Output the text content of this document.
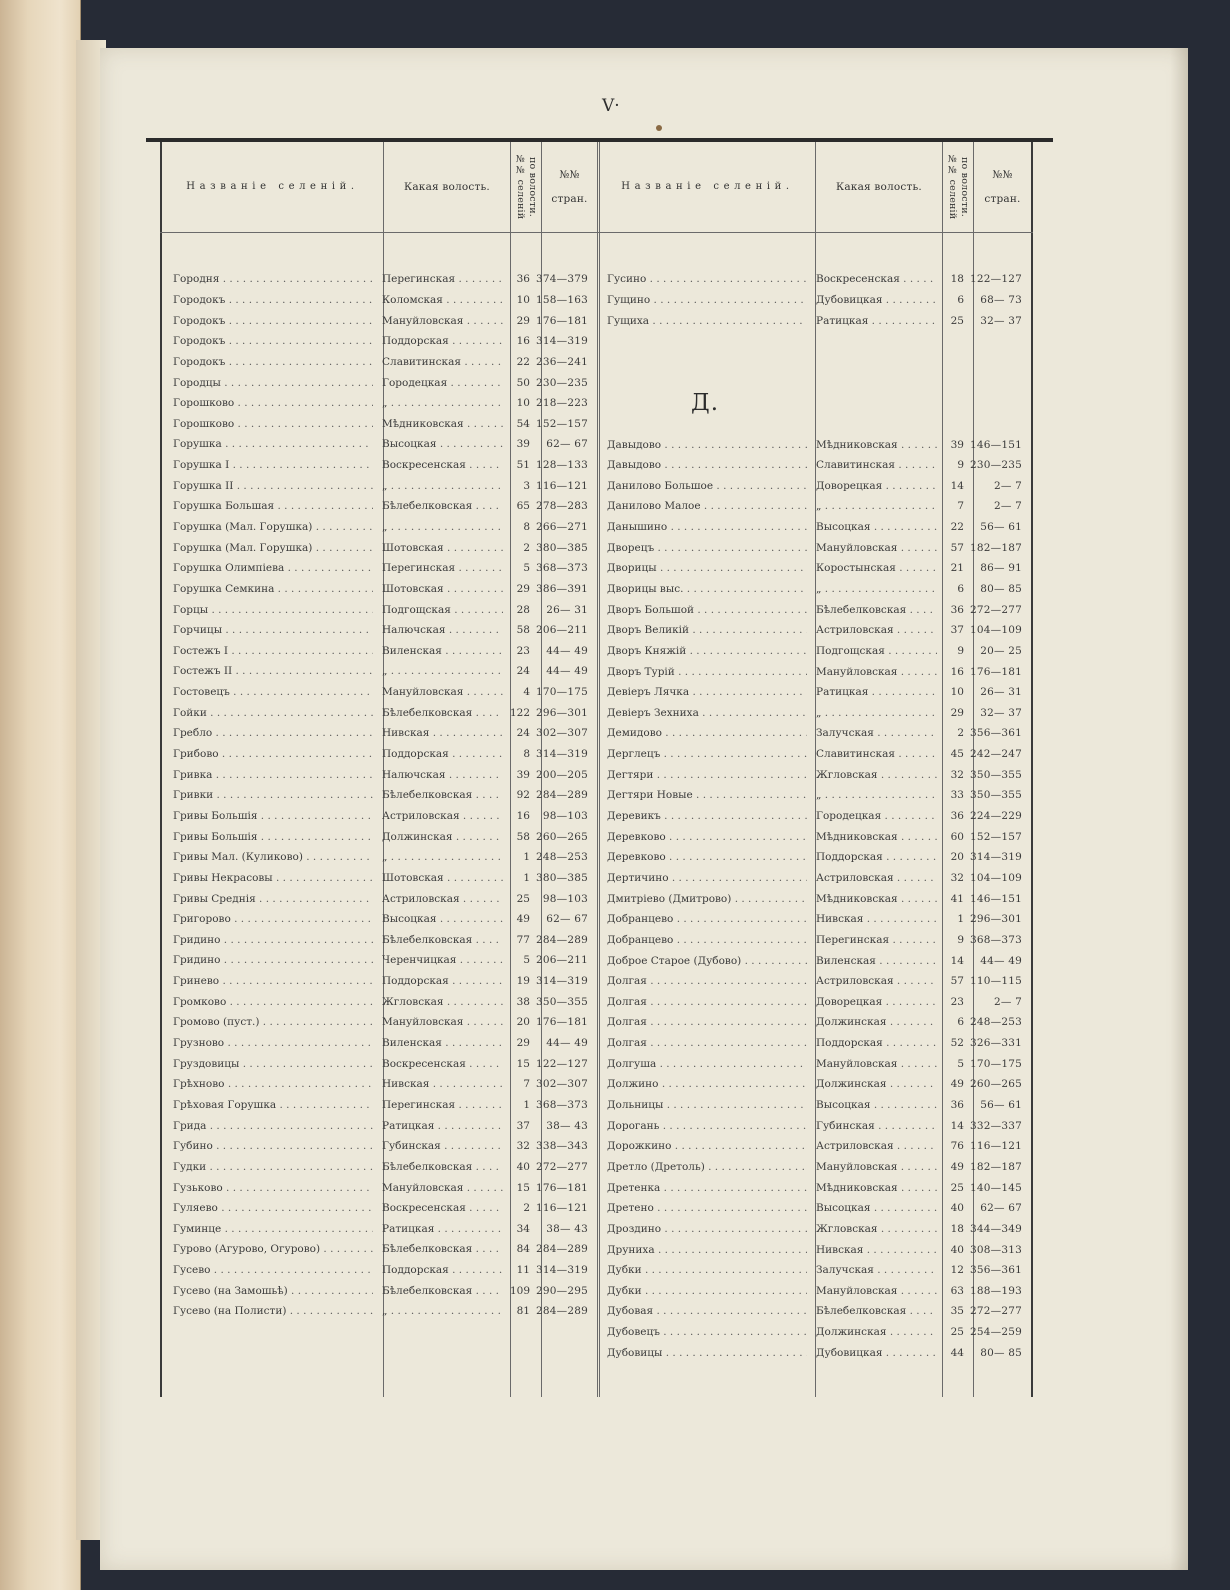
V·
Названіе селеній.	Какая волость.	№№ селеній по волости. №№
стран.
Названіе селеній.	Какая волость.	№№ селеній по волости. №№
стран.
Городня . . .	Перегинская . . .	36 374—379
Городокъ . . .	Коломская . . .	10 158—163
Городокъ . . .	Мануйловская . . .	29 176—181
Городокъ . . .	Поддорская . . .	16 314—319
Городокъ . . .	Славитинская . . .	22 236—241
Городцы . . .	Городецкая . . .	50 230—235
Горошково . . .	„ . . .	10 218—223
Горошково . . .	Мѣдниковская . . .	54 152—157
Горушка . . .	Высоцкая . . .	39	62— 67
Горушка I . . .	Воскресенская . . .	51 128—133
Горушка II . . .	„ . . .	3 116—121
Горушка Большая . . .	Бѣлебелковская . . .	65 278—283
Горушка (Мал. Горушка) . . .	„ . . .	8 266—271
Горушка (Мал. Горушка) . . .	Шотовская . . .	2 380—385
Горушка Олимпіева . . .	Перегинская . . .	5 368—373
Горушка Семкина . . .	Шотовская . . .	29 386—391
Горцы . . .	Подгощская . . .	28	26— 31
Горчицы . . .	Налючская . . .	58 206—211
Гостежъ I . . .	Виленская . . .	23	44— 49
Гостежъ II . . .	„ . . .	24	44— 49
Гостовецъ . . .	Мануйловская . . .	4 170—175
Гойки . . .	Бѣлебелковская . . .	122 296—301
Гребло . . .	Нивская . . .	24 302—307
Грибово . . .	Поддорская . . .	8 314—319
Гривка . . .	Налючская . . .	39 200—205
Гривки . . .	Бѣлебелковская . . .	92 284—289
Гривы Большія . . .	Астриловская . . .	16	98—103
Гривы Большія . . .	Должинская . . .	58 260—265
Гривы Мал. (Куликово) . . .	„ . . .	1 248—253
Гривы Некрасовы . . .	Шотовская . . .	1 380—385
Гривы Среднія . . .	Астриловская . . .	25	98—103
Григорово . . .	Высоцкая . . .	49	62— 67
Гридино . . .	Бѣлебелковская . . .	77 284—289
Гридино . . .	Черенчицкая . . .	5 206—211
Гринево . . .	Поддорская . . .	19 314—319
Громково . . .	Жгловская . . .	38 350—355
Громово (пуст.) . . .	Мануйловская . . .	20 176—181
Грузново . . .	Виленская . . .	29	44— 49
Груздовицы . . .	Воскресенская . . .	15 122—127
Грѣхново . . .	Нивская . . .	7 302—307
Грѣховая Горушка . . .	Перегинская . . .	1 368—373
Грида . . .	Ратицкая . . .	37	38— 43
Губино . . .	Губинская . . .	32 338—343
Гудки . . .	Бѣлебелковская . . .	40 272—277
Гузьково . . .	Мануйловская . . .	15 176—181
Гуляево . . .	Воскресенская . . .	2 116—121
Гуминце . . .	Ратицкая . . .	34	38— 43
Гурово (Агурово, Огурово) . . .	Бѣлебелковская . . .	84 284—289
Гусево . . .	Поддорская . . .	11 314—319
Гусево (на Замошьѣ) . . .	Бѣлебелковская . . .	109 290—295
Гусево (на Полисти) . . .	„ . . .	81 284—289
Гусино . . .	Воскресенская . . .	18 122—127
Гущино . . .	Дубовицкая . . .	6	68— 73
Гущиха . . .	Ратицкая . . .	25	32— 37
Д.
Давыдово . . .	Мѣдниковская . . .	39 146—151
Давыдово . . .	Славитинская . . .	9 230—235
Данилово Большое . . .	Доворецкая . . .	14	2— 7
Данилово Малое . . .	„ . . .	7	2— 7
Данышино . . .	Высоцкая . . .	22	56— 61
Дворецъ . . .	Мануйловская . . .	57 182—187
Дворицы . . .	Коростынская . . .	21	86— 91
Дворицы выс. . . .	„ . . .	6	80— 85
Дворъ Большой . . .	Бѣлебелковская . . .	36 272—277
Дворъ Великій . . .	Астриловская . . .	37 104—109
Дворъ Княжій . . .	Подгощская . . .	9	20— 25
Дворъ Турій . . .	Мануйловская . . .	16 176—181
Девіеръ Лячка . . .	Ратицкая . . .	10	26— 31
Девіеръ Зехниха . . .	„ . . .	29	32— 37
Демидово . . .	Залучская . . .	2 356—361
Дерглецъ . . .	Славитинская . . .	45 242—247
Дегтяри . . .	Жгловская . . .	32 350—355
Дегтяри Новые . . .	„ . . .	33 350—355
Деревикъ . . .	Городецкая . . .	36 224—229
Деревково . . .	Мѣдниковская . . .	60 152—157
Деревково . . .	Поддорская . . .	20 314—319
Дертичино . . .	Астриловская . . .	32 104—109
Дмитріево (Дмитрово) . . .	Мѣдниковская . . .	41 146—151
Добранцево . . .	Нивская . . .	1 296—301
Добранцево . . .	Перегинская . . .	9 368—373
Доброе Старое (Дубово) . . .	Виленская . . .	14	44— 49
Долгая . . .	Астриловская . . .	57 110—115
Долгая . . .	Доворецкая . . .	23	2— 7
Долгая . . .	Должинская . . .	6 248—253
Долгая . . .	Поддорская . . .	52 326—331
Долгуша . . .	Мануйловская . . .	5 170—175
Должино . . .	Должинская . . .	49 260—265
Дольницы . . .	Высоцкая . . .	36	56— 61
Дорогань . . .	Губинская . . .	14 332—337
Дорожкино . . .	Астриловская . . .	76 116—121
Дретло (Дретоль) . . .	Мануйловская . . .	49 182—187
Дретенка . . .	Мѣдниковская . . .	25 140—145
Дретено . . .	Высоцкая . . .	40	62— 67
Дроздино . . .	Жгловская . . .	18 344—349
Друниха . . .	Нивская . . .	40 308—313
Дубки . . .	Залучская . . .	12 356—361
Дубки . . .	Мануйловская . . .	63 188—193
Дубовая . . .	Бѣлебелковская . . .	35 272—277
Дубовецъ . . .	Должинская . . .	25 254—259
Дубовицы . . .	Дубовицкая . . .	44	80— 85
